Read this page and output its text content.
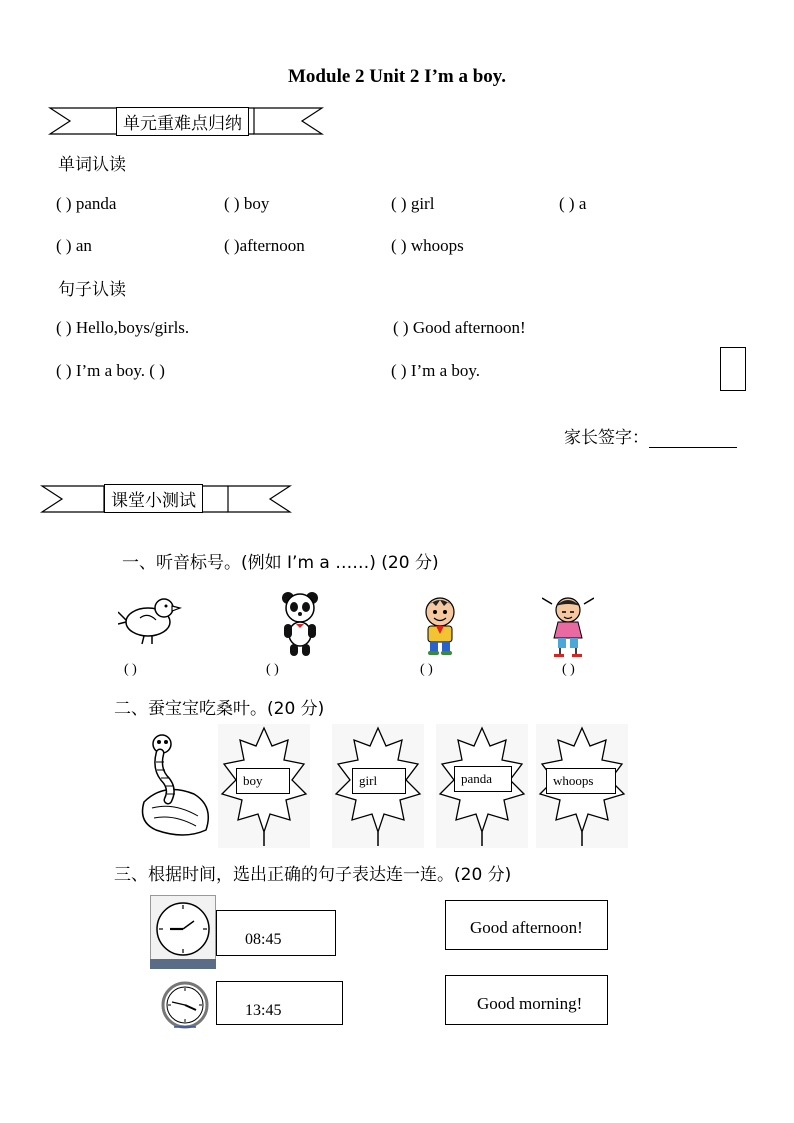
Module 2 Unit 2 I’m a boy.
单元重难点归纳
单词认读
( ) panda	( ) boy	( ) girl	( ) a
( ) an	( )afternoon	( ) whoops
句子认读
( ) Hello,boys/girls.	( ) Good afternoon!
( ) I’m a boy. ( )	( ) I’m a boy.
家长签字：
课堂小测试
一、听音标号。(例如 I’m a ……) (20 分)
( )	( )	( )	( )
二、蚕宝宝吃桑叶。(20 分)
boy	girl	panda	whoops
三、根据时间，选出正确的句子表达连一连。(20 分)
08:45
13:45
Good afternoon!
Good morning!
